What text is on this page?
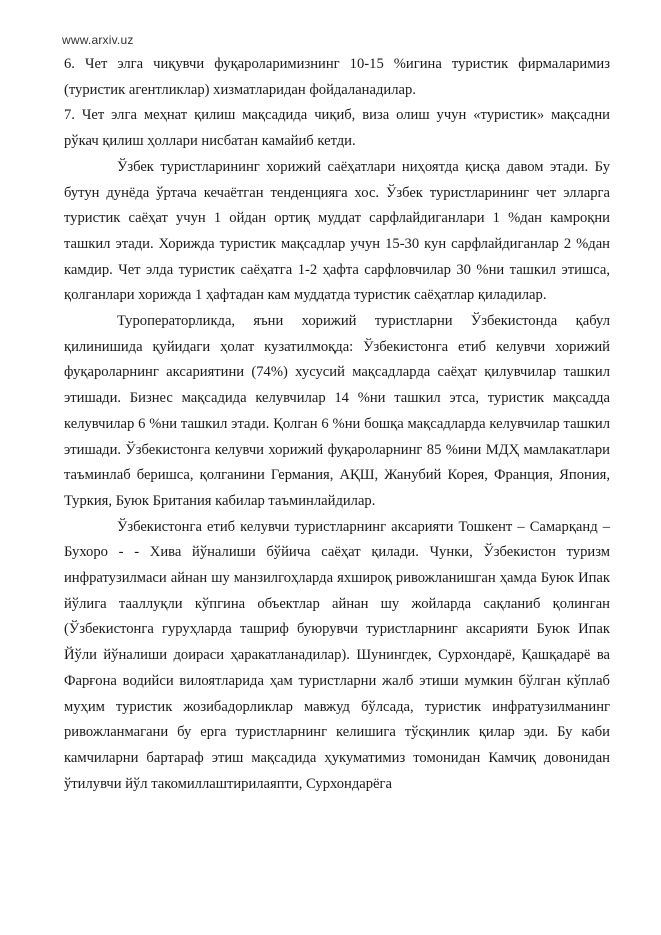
www.arxiv.uz

6. Чет элга чиқувчи фуқароларимизнинг 10-15 %игина туристик фирмаларимиз (туристик агентликлар) хизматларидан фойдаланадилар.

7. Чет элга меҳнат қилиш мақсадида чиқиб, виза олиш учун «туристик» мақсадни рўкач қилиш ҳоллари нисбатан камайиб кетди.

Ўзбек туристларининг хорижий саёҳатлари ниҳоятда қисқа давом этади. Бу бутун дунёда ўртача кечаётган тенденцияга хос. Ўзбек туристларининг чет элларга туристик саёҳат учун 1 ойдан ортиқ муддат сарфлайдиганлари 1 %дан камроқни ташкил этади. Хорижда туристик мақсадлар учун 15-30 кун сарфлайдиганлар 2 %дан камдир. Чет элда туристик саёҳатга 1-2 ҳафта сарфловчилар 30 %ни ташкил этишса, қолганлари хорижда 1 ҳафтадан кам муддатда туристик саёҳатлар қиладилар.

Туроператорликда, яъни хорижий туристларни Ўзбекистонда қабул қилинишида қуйидаги ҳолат кузатилмоқда: Ўзбекистонга етиб келувчи хорижий фуқароларнинг аксариятини (74%) хусусий мақсадларда саёҳат қилувчилар ташкил этишади. Бизнес мақсадида келувчилар 14 %ни ташкил этса, туристик мақсадда келувчилар 6 %ни ташкил этади. Қолган 6 %ни бошқа мақсадларда келувчилар ташкил этишади. Ўзбекистонга келувчи хорижий фуқароларнинг 85 %ини МДҲ мамлакатлари таъминлаб беришса, қолганини Германия, АҚШ, Жанубий Корея, Франция, Япония, Туркия, Буюк Британия кабилар таъминлайдилар.

Ўзбекистонга етиб келувчи туристларнинг аксарияти Тошкент – Самарқанд – Бухоро - - Хива йўналиши бўйича саёҳат қилади. Чунки, Ўзбекистон туризм инфратузилмаси айнан шу манзилгоҳларда яхшироқ ривожланишган ҳамда Буюк Ипак йўлига тааллуқли кўпгина объектлар айнан шу жойларда сақланиб қолинган (Ўзбекистонга гуруҳларда ташриф буюрувчи туристларнинг аксарияти Буюк Ипак Йўли йўналиши доираси ҳаракатланадилар). Шунингдек, Сурхондарё, Қашқадарё ва Фарғона водийси вилоятларида ҳам туристларни жалб этиши мумкин бўлган кўплаб муҳим туристик жозибадорликлар мавжуд бўлсада, туристик инфратузилманинг ривожланмагани бу ерга туристларнинг келишига тўсқинлик қилар эди. Бу каби камчиларни бартараф этиш мақсадида ҳукуматимиз томонидан Камчиқ довонидан ўтилувчи йўл такомиллаштирилаяпти, Сурхондарёга
